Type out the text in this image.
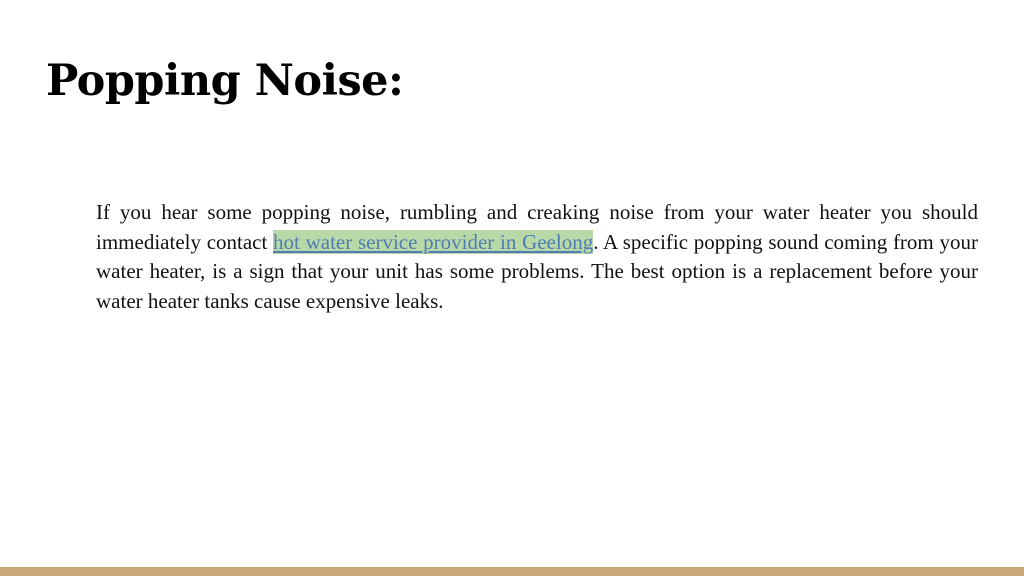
Popping Noise:

If you hear some popping noise, rumbling and creaking noise from your water heater you should immediately contact hot water service provider in Geelong. A specific popping sound coming from your water heater, is a sign that your unit has some problems. The best option is a replacement before your water heater tanks cause expensive leaks.
